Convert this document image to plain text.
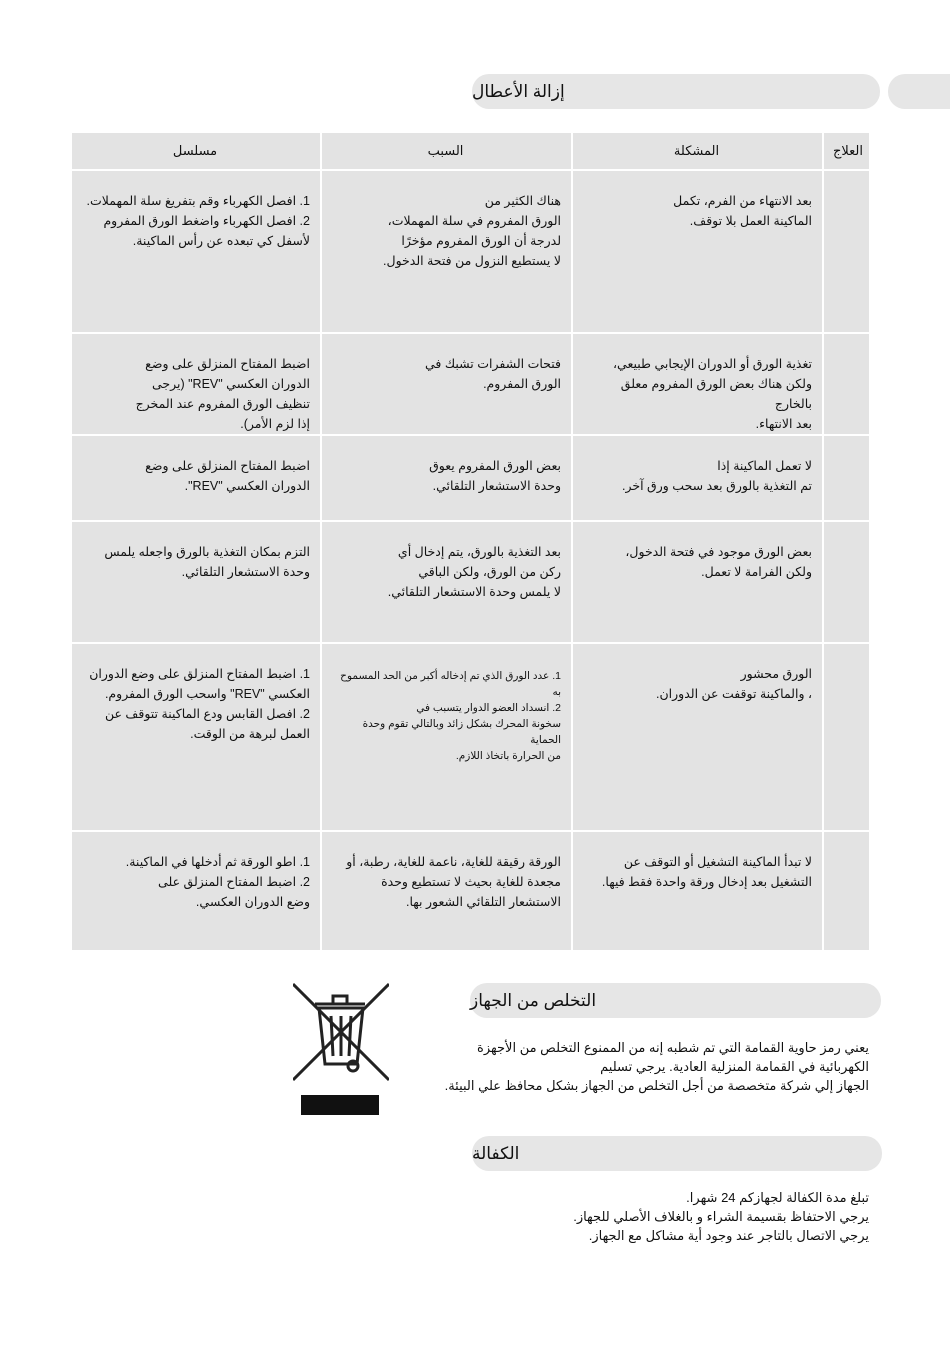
إزالة الأعطال
مسلسل	السبب	المشكلة	العلاج

1. افصل الكهرباء وقم بتفريغ سلة المهملات.
2. افصل الكهرباء واضغط الورق المفروم
لأسفل كي تبعده عن رأس الماكينة.	هناك الكثير من
الورق المفروم في سلة المهملات،
لدرجة أن الورق المفروم مؤخرًا
لا يستطيع النزول من فتحة الدخول.	بعد الانتهاء من الفرم، تكمل
الماكينة العمل بلا توقف.	

اضبط المفتاح المنزلق على وضع
الدوران العكسي "REV" (يرجى
تنظيف الورق المفروم عند المخرج
إذا لزم الأمر).	فتحات الشفرات تشبك في
الورق المفروم.	تغذية الورق أو الدوران الإيجابي طبيعي،
ولكن هناك بعض الورق المفروم معلق بالخارج
بعد الانتهاء.	

اضبط المفتاح المنزلق على وضع
الدوران العكسي "REV".	بعض الورق المفروم يعوق
وحدة الاستشعار التلقائي.	لا تعمل الماكينة إذا
تم التغذية بالورق بعد سحب ورق آخر.	

التزم بمكان التغذية بالورق واجعله يلمس
وحدة الاستشعار التلقائي.	بعد التغذية بالورق، يتم إدخال أي
ركن من الورق، ولكن الباقي
لا يلمس وحدة الاستشعار التلقائي.	بعض الورق موجود في فتحة الدخول،
ولكن الفرامة لا تعمل.	

1. اضبط المفتاح المنزلق على وضع الدوران
العكسي "REV" واسحب الورق المفروم.
2. افصل القابس ودع الماكينة تتوقف عن
العمل لبرهة من الوقت.	1. عدد الورق الذي تم إدخاله أكبر من الحد المسموح به
2. انسداد العضو الدوار يتسبب في
سخونة المحرك بشكل زائد وبالتالي تقوم وحدة الحماية
من الحرارة باتخاذ اللازم.	الورق محشور
، والماكينة توقفت عن الدوران.	

1. اطو الورقة ثم أدخلها في الماكينة.
2. اضبط المفتاح المنزلق على
وضع الدوران العكسي.	الورقة رقيقة للغاية، ناعمة للغاية، رطبة، أو
مجعدة للغاية بحيث لا تستطيع وحدة
الاستشعار التلقائي الشعور بها.	لا تبدأ الماكينة التشغيل أو التوقف عن
التشغيل بعد إدخال ورقة واحدة فقط فيها.	

التخلص من الجهاز
يعني رمز حاوية القمامة التي تم شطبه إنه من الممنوع التخلص من الأجهزة
الكهربائية في القمامة المنزلية العادية. يرجي تسليم
الجهاز إلي شركة متخصصة من أجل التخلص من الجهاز بشكل محافظ علي البيئة.
الكفالة
تبلغ مدة الكفالة لجهازكم 24 شهرا.
يرجي الاحتفاظ بقسيمة الشراء و بالغلاف الأصلي للجهاز.
يرجي الاتصال بالتاجر عند وجود أية مشاكل مع الجهاز.
